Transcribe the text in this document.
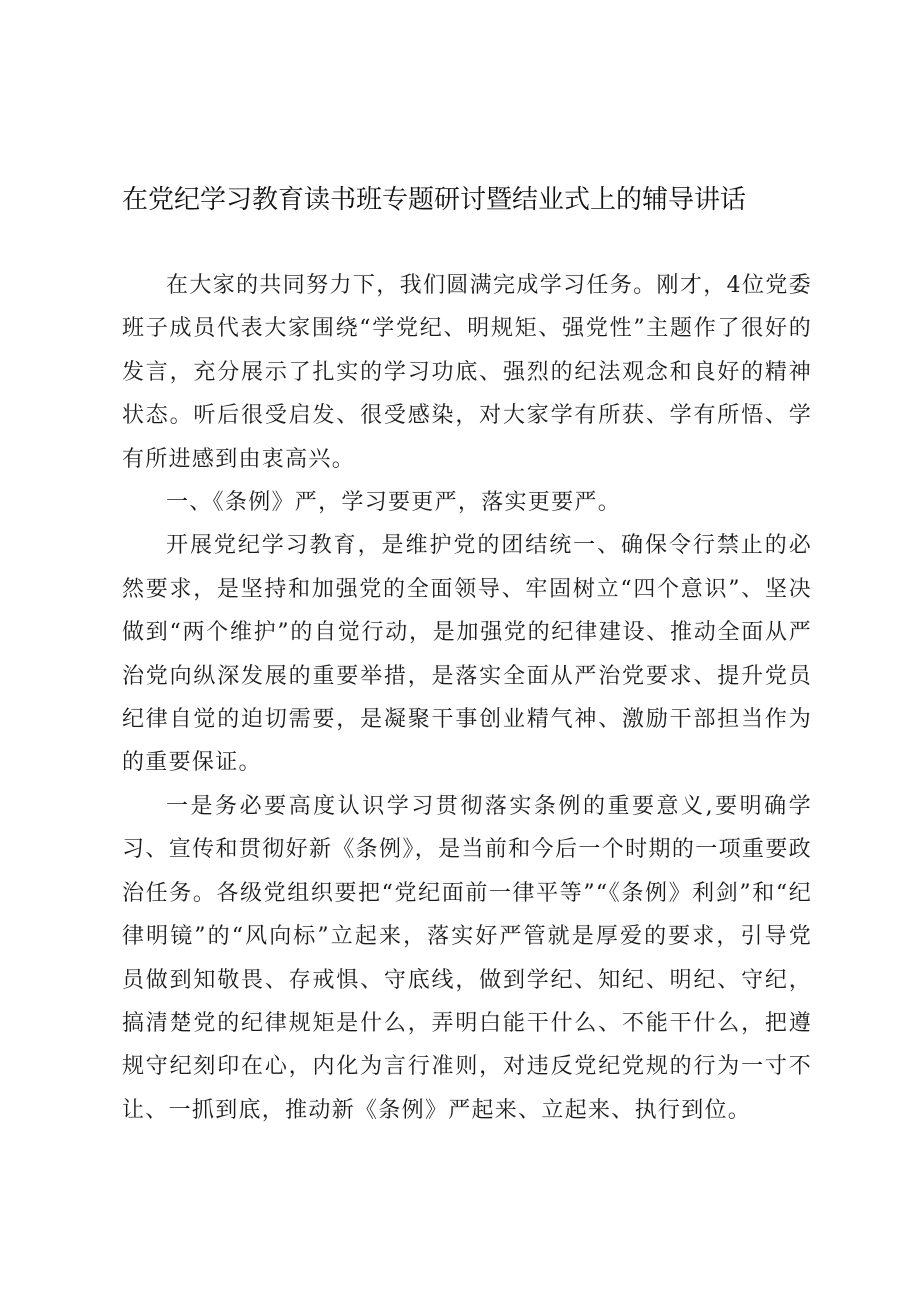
在党纪学习教育读书班专题研讨暨结业式上的辅导讲话

在大家的共同努力下，我们圆满完成学习任务。刚才，4位党委班子成员代表大家围绕“学党纪、明规矩、强党性”主题作了很好的发言，充分展示了扎实的学习功底、强烈的纪法观念和良好的精神状态。听后很受启发、很受感染，对大家学有所获、学有所悟、学有所进感到由衷高兴。

一、《条例》严，学习要更严，落实更要严。

开展党纪学习教育，是维护党的团结统一、确保令行禁止的必然要求，是坚持和加强党的全面领导、牢固树立“四个意识”、坚决做到“两个维护”的自觉行动，是加强党的纪律建设、推动全面从严治党向纵深发展的重要举措，是落实全面从严治党要求、提升党员纪律自觉的迫切需要，是凝聚干事创业精气神、激励干部担当作为的重要保证。

一是务必要高度认识学习贯彻落实条例的重要意义,要明确学习、宣传和贯彻好新《条例》，是当前和今后一个时期的一项重要政治任务。各级党组织要把“党纪面前一律平等”“《条例》利剑”和“纪律明镜”的“风向标”立起来，落实好严管就是厚爱的要求，引导党员做到知敬畏、存戒惧、守底线，做到学纪、知纪、明纪、守纪，搞清楚党的纪律规矩是什么，弄明白能干什么、不能干什么，把遵规守纪刻印在心，内化为言行准则，对违反党纪党规的行为一寸不让、一抓到底，推动新《条例》严起来、立起来、执行到位。
